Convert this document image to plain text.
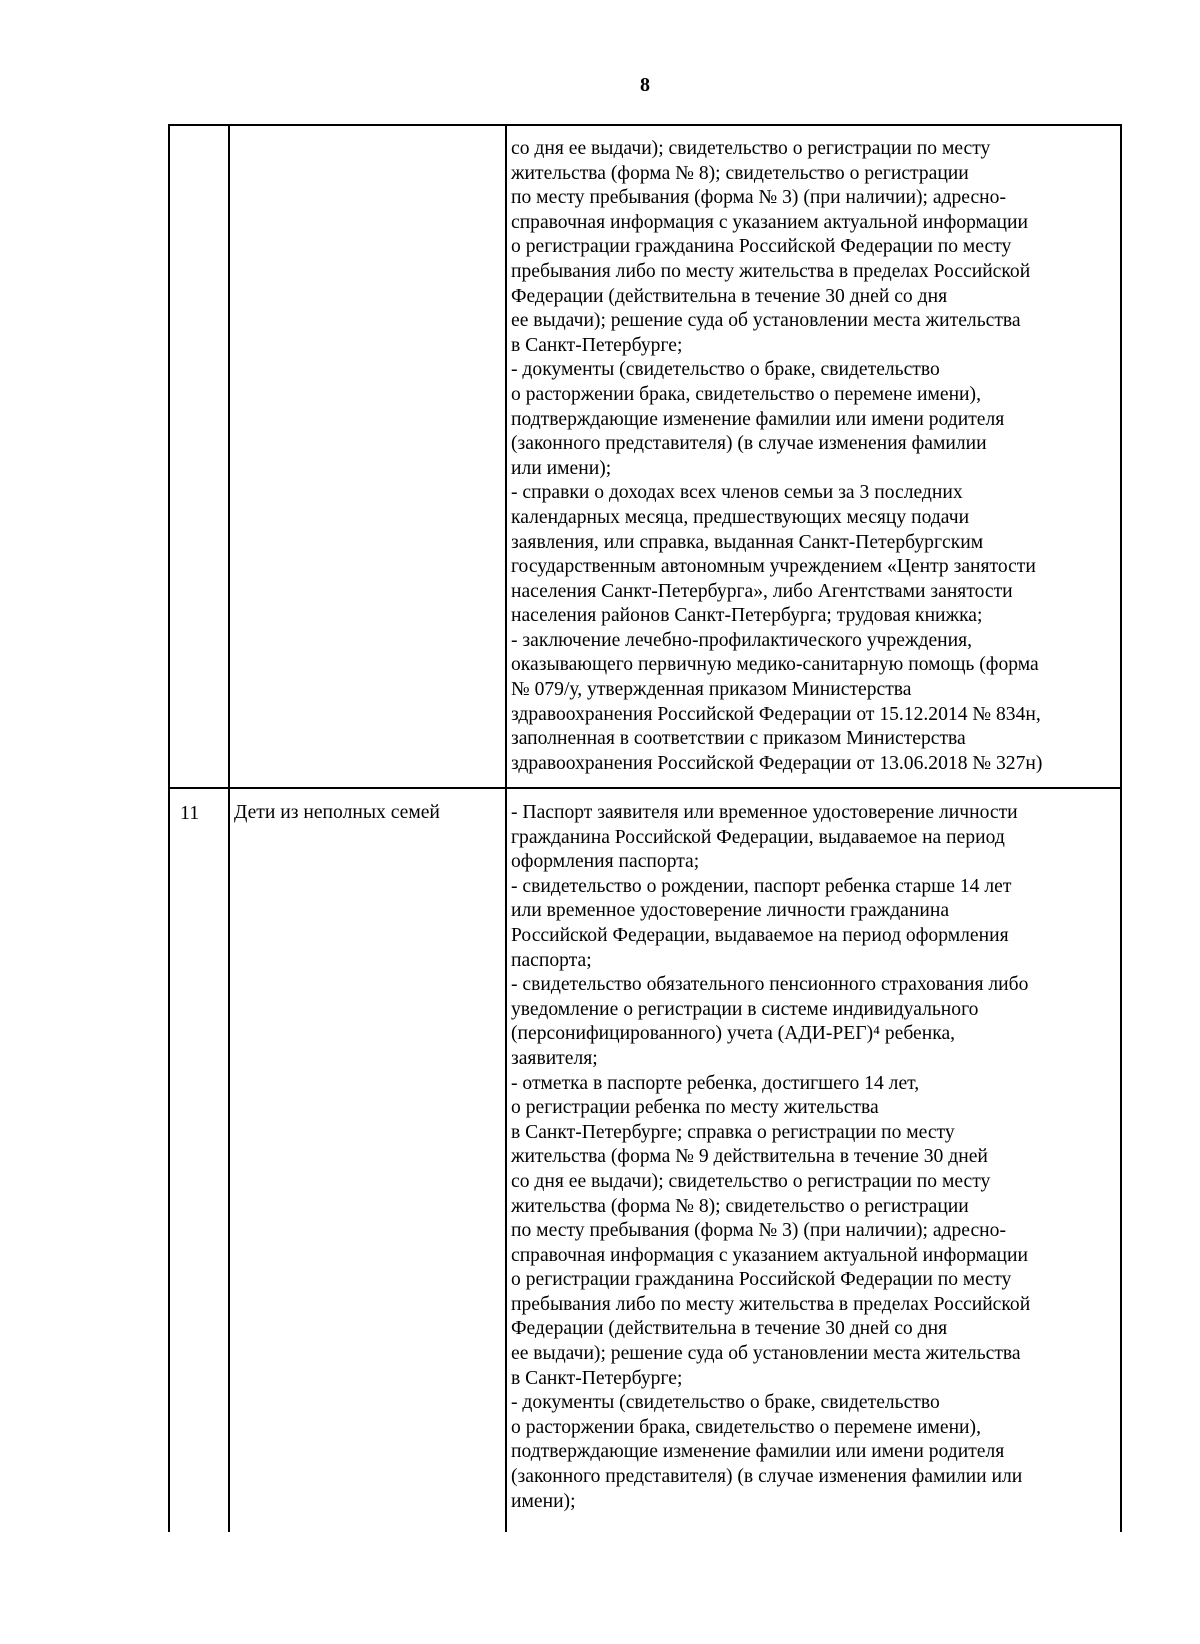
8
со дня ее выдачи); свидетельство о регистрации по месту
жительства (форма № 8); свидетельство о регистрации
по месту пребывания (форма № 3) (при наличии); адресно-
справочная информация с указанием актуальной информации
о регистрации гражданина Российской Федерации по месту
пребывания либо по месту жительства в пределах Российской
Федерации (действительна в течение 30 дней со дня
ее выдачи); решение суда об установлении места жительства
в Санкт-Петербурге;
- документы (свидетельство о браке, свидетельство
о расторжении брака, свидетельство о перемене имени),
подтверждающие изменение фамилии или имени родителя
(законного представителя) (в случае изменения фамилии
или имени);
- справки о доходах всех членов семьи за 3 последних
календарных месяца, предшествующих месяцу подачи
заявления, или справка, выданная Санкт-Петербургским
государственным автономным учреждением «Центр занятости
населения Санкт-Петербурга», либо Агентствами занятости
населения районов Санкт-Петербурга; трудовая книжка;
- заключение лечебно-профилактического учреждения,
оказывающего первичную медико-санитарную помощь (форма
№ 079/у, утвержденная приказом Министерства
здравоохранения Российской Федерации от 15.12.2014 № 834н,
заполненная в соответствии с приказом Министерства
здравоохранения Российской Федерации от 13.06.2018 № 327н)
11 Дети из неполных семей	- Паспорт заявителя или временное удостоверение личности
гражданина Российской Федерации, выдаваемое на период
оформления паспорта;
- свидетельство о рождении, паспорт ребенка старше 14 лет
или временное удостоверение личности гражданина
Российской Федерации, выдаваемое на период оформления
паспорта;
- свидетельство обязательного пенсионного страхования либо
уведомление о регистрации в системе индивидуального
(персонифицированного) учета (АДИ-РЕГ)⁴ ребенка,
заявителя;
- отметка в паспорте ребенка, достигшего 14 лет,
о регистрации ребенка по месту жительства
в Санкт-Петербурге; справка о регистрации по месту
жительства (форма № 9 действительна в течение 30 дней
со дня ее выдачи); свидетельство о регистрации по месту
жительства (форма № 8); свидетельство о регистрации
по месту пребывания (форма № 3) (при наличии); адресно-
справочная информация с указанием актуальной информации
о регистрации гражданина Российской Федерации по месту
пребывания либо по месту жительства в пределах Российской
Федерации (действительна в течение 30 дней со дня
ее выдачи); решение суда об установлении места жительства
в Санкт-Петербурге;
- документы (свидетельство о браке, свидетельство
о расторжении брака, свидетельство о перемене имени),
подтверждающие изменение фамилии или имени родителя
(законного представителя) (в случае изменения фамилии или
имени);
